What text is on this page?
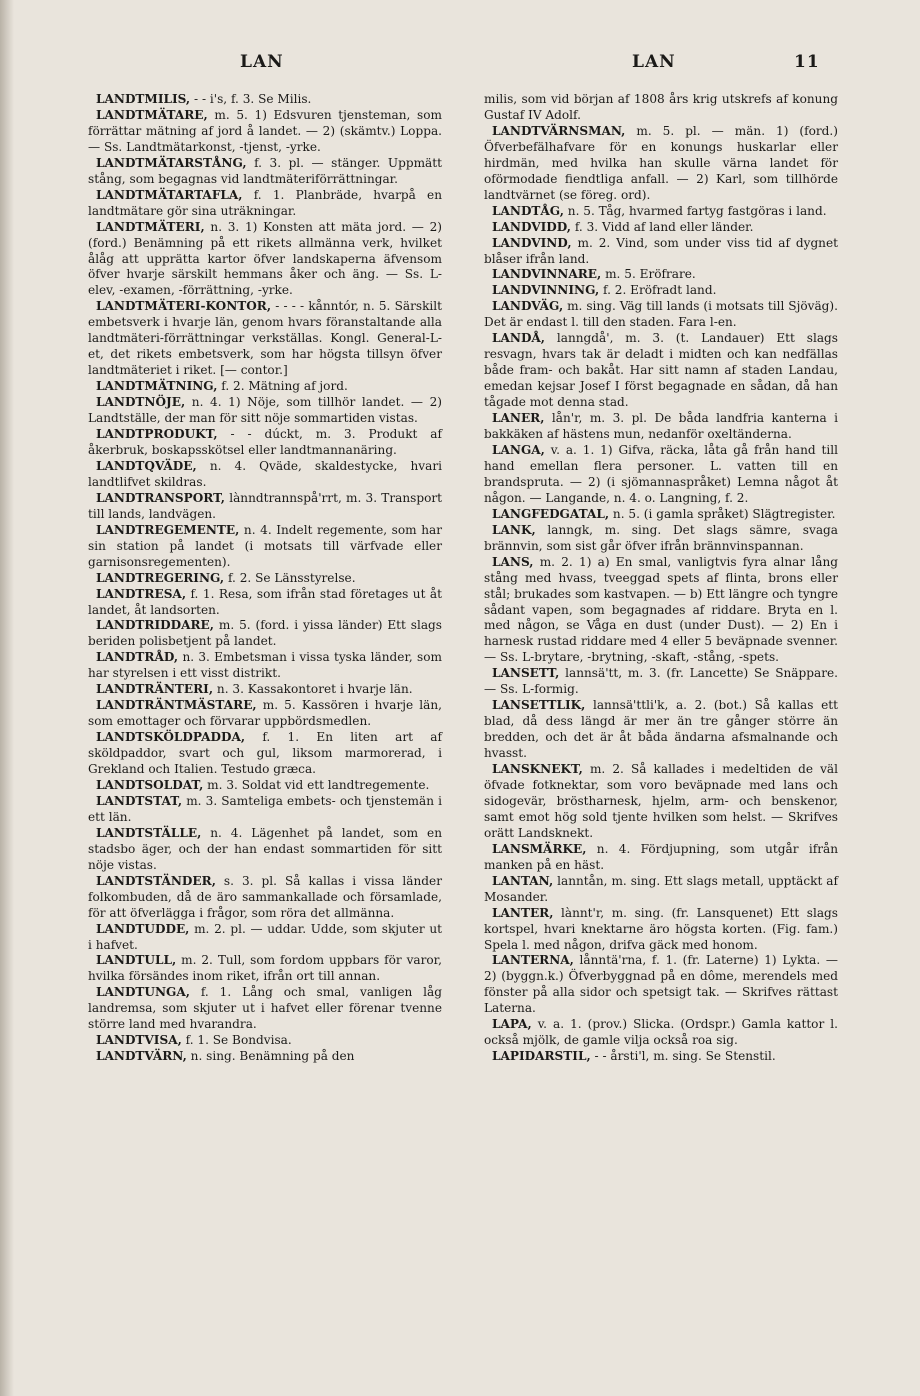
LAN	LAN	11

LANDTMILIS, - - i's, f. 3. Se Milis.

LANDTMÄTARE, m. 5. 1) Edsvuren tjensteman, som förrättar mätning af jord å landet. — 2) (skämtv.) Loppa. — Ss. Landtmätarkonst, -tjenst, -yrke.

LANDTMÄTARSTÅNG, f. 3. pl. — stänger. Uppmätt stång, som begagnas vid landtmäteriförrättningar.

LANDTMÄTARTAFLA, f. 1. Planbräde, hvarpå en landtmätare gör sina uträkningar.

LANDTMÄTERI, n. 3. 1) Konsten att mäta jord. — 2) (ford.) Benämning på ett rikets allmänna verk, hvilket ålåg att upprätta kartor öfver landskaperna äfvensom öfver hvarje särskilt hemmans åker och äng. — Ss. L-elev, -examen, -förrättning, -yrke.

LANDTMÄTERI-KONTOR, - - - - kånntór, n. 5. Särskilt embetsverk i hvarje län, genom hvars föranstaltande alla landtmäteri-förrättningar verkställas. Kongl. General-L-et, det rikets embetsverk, som har högsta tillsyn öfver landtmäteriet i riket. [— contor.]

LANDTMÄTNING, f. 2. Mätning af jord.

LANDTNÖJE, n. 4. 1) Nöje, som tillhör landet. — 2) Landtställe, der man för sitt nöje sommartiden vistas.

LANDTPRODUKT, - - dúckt, m. 3. Produkt af åkerbruk, boskapsskötsel eller landtmannanäring.

LANDTQVÄDE, n. 4. Qväde, skaldestycke, hvari landtlifvet skildras.

LANDTRANSPORT, lànndtrannspå'rrt, m. 3. Transport till lands, landvägen.

LANDTREGEMENTE, n. 4. Indelt regemente, som har sin station på landet (i motsats till värfvade eller garnisonsregementen).

LANDTREGERING, f. 2. Se Länsstyrelse.

LANDTRESA, f. 1. Resa, som ifrån stad företages ut åt landet, åt landsorten.

LANDTRIDDARE, m. 5. (ford. i yissa länder) Ett slags beriden polisbetjent på landet.

LANDTRÅD, n. 3. Embetsman i vissa tyska länder, som har styrelsen i ett visst distrikt.

LANDTRÄNTERI, n. 3. Kassakontoret i hvarje län.

LANDTRÄNTMÄSTARE, m. 5. Kassören i hvarje län, som emottager och förvarar uppbördsmedlen.

LANDTSKÖLDPADDA, f. 1. En liten art af sköldpaddor, svart och gul, liksom marmorerad, i Grekland och Italien. Testudo græca.

LANDTSOLDAT, m. 3. Soldat vid ett landtregemente.

LANDTSTAT, m. 3. Samteliga embets- och tjenstemän i ett län.

LANDTSTÄLLE, n. 4. Lägenhet på landet, som en stadsbo äger, och der han endast sommartiden för sitt nöje vistas.

LANDTSTÄNDER, s. 3. pl. Så kallas i vissa länder folkombuden, då de äro sammankallade och församlade, för att öfverlägga i frågor, som röra det allmänna.

LANDTUDDE, m. 2. pl. — uddar. Udde, som skjuter ut i hafvet.

LANDTULL, m. 2. Tull, som fordom uppbars för varor, hvilka försändes inom riket, ifrån ort till annan.

LANDTUNGA, f. 1. Lång och smal, vanligen låg landremsa, som skjuter ut i hafvet eller förenar tvenne större land med hvarandra.

LANDTVISA, f. 1. Se Bondvisa.

LANDTVÄRN, n. sing. Benämning på den

milis, som vid början af 1808 års krig utskrefs af konung Gustaf IV Adolf.

LANDTVÄRNSMAN, m. 5. pl. — män. 1) (ford.) Öfverbefälhafvare för en konungs huskarlar eller hirdmän, med hvilka han skulle värna landet för oförmodade fiendtliga anfall. — 2) Karl, som tillhörde landtvärnet (se föreg. ord).

LANDTÅG, n. 5. Tåg, hvarmed fartyg fastgöras i land.

LANDVIDD, f. 3. Vidd af land eller länder.

LANDVIND, m. 2. Vind, som under viss tid af dygnet blåser ifrån land.

LANDVINNARE, m. 5. Eröfrare.

LANDVINNING, f. 2. Eröfradt land.

LANDVÄG, m. sing. Väg till lands (i motsats till Sjöväg). Det är endast l. till den staden. Fara l-en.

LANDÅ, lanngdå', m. 3. (t. Landauer) Ett slags resvagn, hvars tak är deladt i midten och kan nedfällas både fram- och bakåt. Har sitt namn af staden Landau, emedan kejsar Josef I först begagnade en sådan, då han tågade mot denna stad.

LANER, lån'r, m. 3. pl. De båda landfria kanterna i bakkäken af hästens mun, nedanför oxeltänderna.

LANGA, v. a. 1. 1) Gifva, räcka, låta gå från hand till hand emellan flera personer. L. vatten till en brandspruta. — 2) (i sjömannaspråket) Lemna något åt någon. — Langande, n. 4. o. Langning, f. 2.

LANGFEDGATAL, n. 5. (i gamla språket) Slägtregister.

LANK, lanngk, m. sing. Det slags sämre, svaga brännvin, som sist går öfver ifrån brännvinspannan.

LANS, m. 2. 1) a) En smal, vanligtvis fyra alnar lång stång med hvass, tveeggad spets af flinta, brons eller stål; brukades som kastvapen. — b) Ett längre och tyngre sådant vapen, som begagnades af riddare. Bryta en l. med någon, se Våga en dust (under Dust). — 2) En i harnesk rustad riddare med 4 eller 5 beväpnade svenner. — Ss. L-brytare, -brytning, -skaft, -stång, -spets.

LANSETT, lannsä'tt, m. 3. (fr. Lancette) Se Snäppare. — Ss. L-formig.

LANSETTLIK, lannsä'ttli'k, a. 2. (bot.) Så kallas ett blad, då dess längd är mer än tre gånger större än bredden, och det är åt båda ändarna afsmalnande och hvasst.

LANSKNEKT, m. 2. Så kallades i medeltiden de väl öfvade fotknektar, som voro beväpnade med lans och sidogevär, bröstharnesk, hjelm, arm- och benskenor, samt emot hög sold tjente hvilken som helst. — Skrifves orätt Landsknekt.

LANSMÄRKE, n. 4. Fördjupning, som utgår ifrån manken på en häst.

LANTAN, lanntån, m. sing. Ett slags metall, upptäckt af Mosander.

LANTER, lànnt'r, m. sing. (fr. Lansquenet) Ett slags kortspel, hvari knektarne äro högsta korten. (Fig. fam.) Spela l. med någon, drifva gäck med honom.

LANTERNA, lånntä'rna, f. 1. (fr. Laterne) 1) Lykta. — 2) (byggn.k.) Öfverbyggnad på en dôme, merendels med fönster på alla sidor och spetsigt tak. — Skrifves rättast Laterna.

LAPA, v. a. 1. (prov.) Slicka. (Ordspr.) Gamla kattor l. också mjölk, de gamle vilja också roa sig.

LAPIDARSTIL, - - årsti'l, m. sing. Se Stenstil.
